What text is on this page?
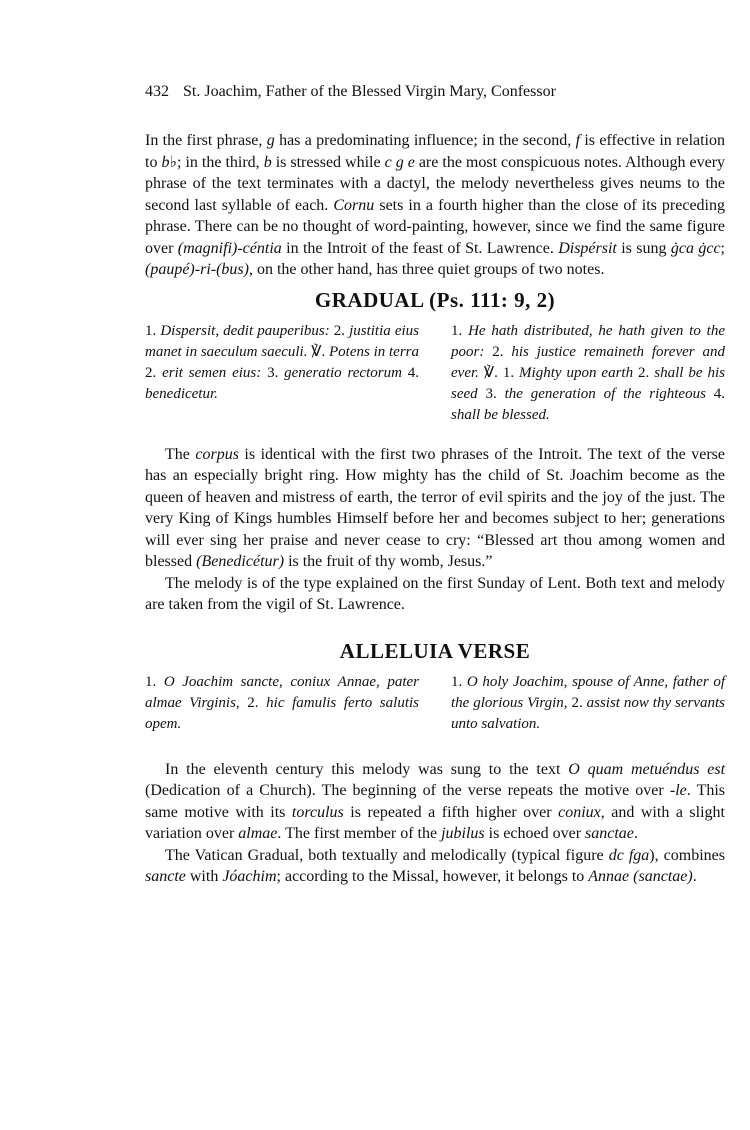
432 St. Joachim, Father of the Blessed Virgin Mary, Confessor

In the first phrase, g has a predominating influence; in the second, f is effective in relation to b♭; in the third, b is stressed while c g e are the most conspicuous notes. Although every phrase of the text terminates with a dactyl, the melody nevertheless gives neums to the second last syllable of each. Cornu sets in a fourth higher than the close of its preceding phrase. There can be no thought of word-painting, however, since we find the same figure over (magnifi)-céntia in the Introit of the feast of St. Lawrence. Dispérsit is sung ġca ġcc; (paupé)-ri-(bus), on the other hand, has three quiet groups of two notes.

GRADUAL (Ps. 111: 9, 2)
1. Dispersit, dedit pauperibus: 2. justitia eius manet in saeculum saeculi. ℣. Potens in terra 2. erit semen eius: 3. generatio rectorum 4. benedicetur.
1. He hath distributed, he hath given to the poor: 2. his justice remaineth forever and ever. ℣. 1. Mighty upon earth 2. shall be his seed 3. the generation of the righteous 4. shall be blessed.

The corpus is identical with the first two phrases of the Introit. The text of the verse has an especially bright ring. How mighty has the child of St. Joachim become as the queen of heaven and mistress of earth, the terror of evil spirits and the joy of the just. The very King of Kings humbles Himself before her and becomes subject to her; generations will ever sing her praise and never cease to cry: “Blessed art thou among women and blessed (Benedicétur) is the fruit of thy womb, Jesus.”

The melody is of the type explained on the first Sunday of Lent. Both text and melody are taken from the vigil of St. Lawrence.

ALLELUIA VERSE
1. O Joachim sancte, coniux Annae, pater almae Virginis, 2. hic famulis ferto salutis opem.
1. O holy Joachim, spouse of Anne, father of the glorious Virgin, 2. assist now thy servants unto salvation.

In the eleventh century this melody was sung to the text O quam metuéndus est (Dedication of a Church). The beginning of the verse repeats the motive over -le. This same motive with its torculus is repeated a fifth higher over coniux, and with a slight variation over almae. The first member of the jubilus is echoed over sanctae.

The Vatican Gradual, both textually and melodically (typical figure dc fga), combines sancte with Jóachim; according to the Missal, however, it belongs to Annae (sanctae).
